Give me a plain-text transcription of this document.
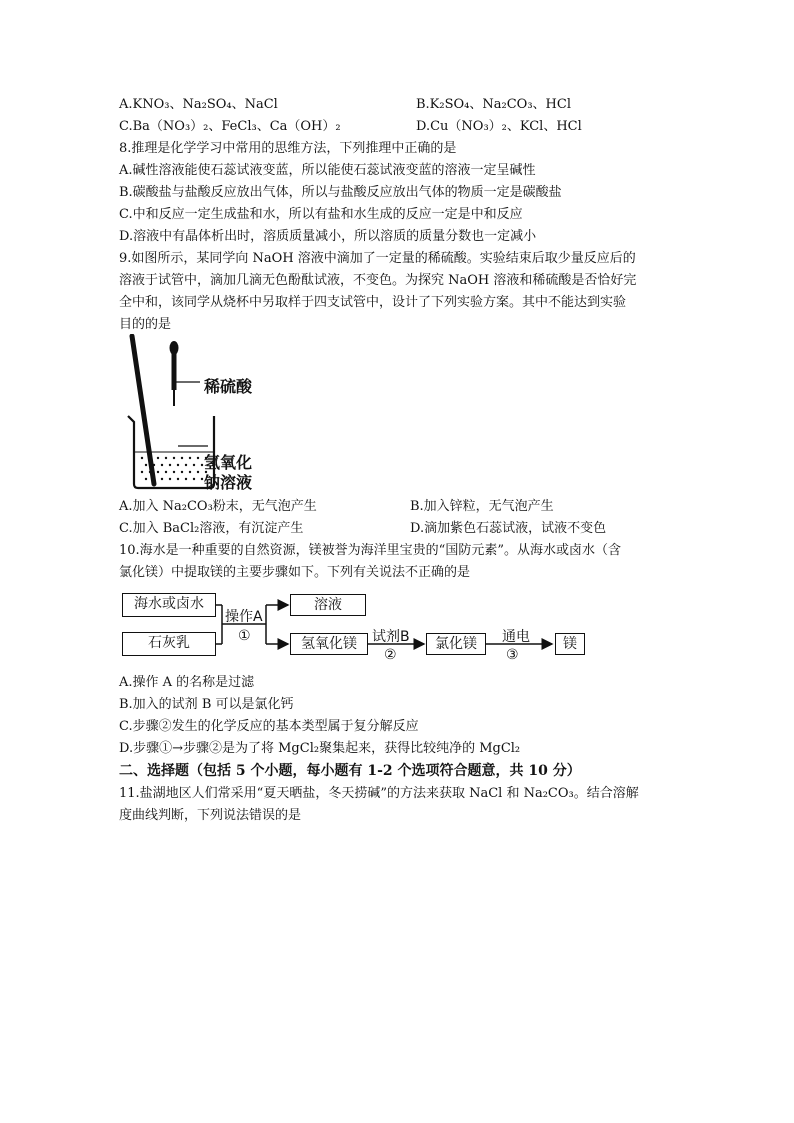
A.KNO₃、Na₂SO₄、NaCl	B.K₂SO₄、Na₂CO₃、HCl
C.Ba（NO₃）₂、FeCl₃、Ca（OH）₂	D.Cu（NO₃）₂、KCl、HCl
8.推理是化学学习中常用的思维方法，下列推理中正确的是
A.碱性溶液能使石蕊试液变蓝，所以能使石蕊试液变蓝的溶液一定呈碱性
B.碳酸盐与盐酸反应放出气体，所以与盐酸反应放出气体的物质一定是碳酸盐
C.中和反应一定生成盐和水，所以有盐和水生成的反应一定是中和反应
D.溶液中有晶体析出时，溶质质量减小，所以溶质的质量分数也一定减小
9.如图所示，某同学向 NaOH 溶液中滴加了一定量的稀硫酸。实验结束后取少量反应后的
溶液于试管中，滴加几滴无色酚酞试液，不变色。为探究 NaOH 溶液和稀硫酸是否恰好完
全中和，该同学从烧杯中另取样于四支试管中，设计了下列实验方案。其中不能达到实验
目的的是
稀硫酸
氢氧化
钠溶液
A.加入 Na₂CO₃粉末，无气泡产生	B.加入锌粒，无气泡产生
C.加入 BaCl₂溶液，有沉淀产生	D.滴加紫色石蕊试液，试液不变色
10.海水是一种重要的自然资源，镁被誉为海洋里宝贵的“国防元素”。从海水或卤水（含
氯化镁）中提取镁的主要步骤如下。下列有关说法不正确的是
海水或卤水
石灰乳
操作A
①
溶液
氢氧化镁	试剂B
②
氯化镁	通电
③
镁
A.操作 A 的名称是过滤
B.加入的试剂 B 可以是氯化钙
C.步骤②发生的化学反应的基本类型属于复分解反应
D.步骤①→步骤②是为了将 MgCl₂聚集起来，获得比较纯净的 MgCl₂
二、选择题（包括 5 个小题，每小题有 1-2 个选项符合题意，共 10 分）
11.盐湖地区人们常采用“夏天晒盐，冬天捞碱”的方法来获取 NaCl 和 Na₂CO₃。结合溶解
度曲线判断，下列说法错误的是
